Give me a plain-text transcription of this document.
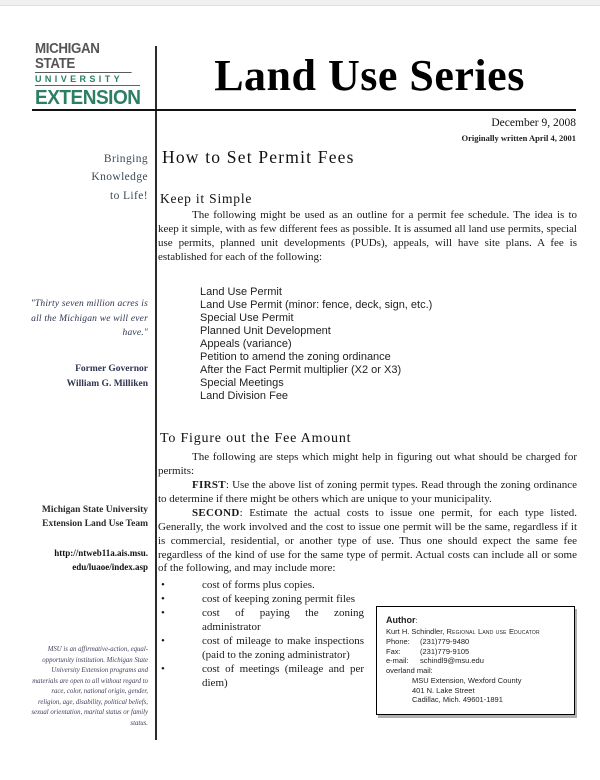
MICHIGAN STATE
UNIVERSITY
EXTENSION	Land Use Series
December 9, 2008
Originally written April 4, 2001
Bringing
Knowledge
to Life!
"Thirty seven million acres is all the Michigan we will ever have."
Former Governor
William G. Milliken
Michigan State University
Extension Land Use Team
http://ntweb11a.ais.msu.
edu/luaoe/index.asp
MSU is an affirmative-action, equal-opportunity institution. Michigan State University Extension programs and materials are open to all without regard to race, color, national origin, gender, religion, age, disability, political beliefs, sexual orientation, marital status or family status.
How to Set Permit Fees
Keep it Simple

The following might be used as an outline for a permit fee schedule. The idea is to keep it simple, with as few different fees as possible. It is assumed all land use permits, special use permits, planned unit developments (PUDs), appeals, will have site plans. A fee is established for each of the following:

Land Use Permit
Land Use Permit (minor: fence, deck, sign, etc.)
Special Use Permit
Planned Unit Development
Appeals (variance)
Petition to amend the zoning ordinance
After the Fact Permit multiplier (X2 or X3)
Special Meetings
Land Division Fee
To Figure out the Fee Amount

The following are steps which might help in figuring out what should be charged for permits:

FIRST: Use the above list of zoning permit types. Read through the zoning ordinance to determine if there might be others which are unique to your municipality.

SECOND: Estimate the actual costs to issue one permit, for each type listed. Generally, the work involved and the cost to issue one permit will be the same, regardless if it is commercial, residential, or another type of use. Thus one should expect the same fee regardless of the kind of use for the same type of permit. Actual costs can include all or some of the following, and may include more:

Author:
Kurt H. Schindler, Regional Land use Educator
Phone:	(231)779-9480
Fax:	(231)779-9105
e-mail:	schindl9@msu.edu
overland mail:
MSU Extension, Wexford County
401 N. Lake Street
Cadillac, Mich. 49601-1891
• cost of forms plus copies.
• cost of keeping zoning permit files
• cost of paying the zoning administrator
• cost of mileage to make inspections (paid to the zoning administrator)
• cost of meetings (mileage and per diem)
